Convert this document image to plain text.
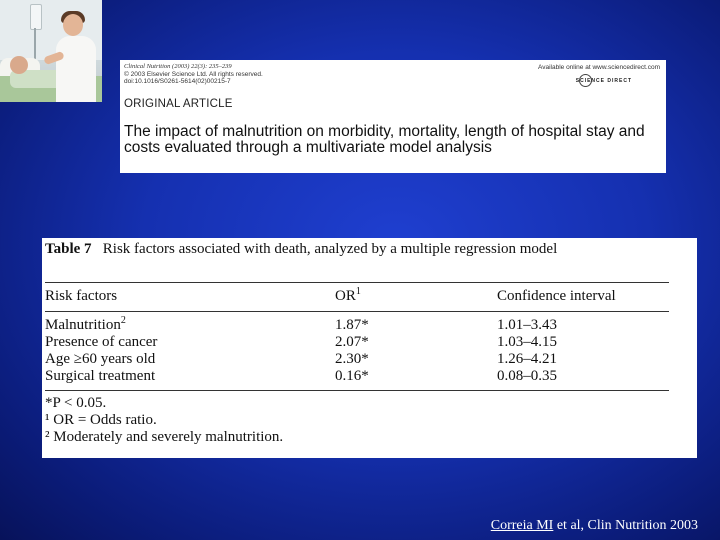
Clinical Nutrition (2003) 22(3): 235–239
© 2003 Elsevier Science Ltd. All rights reserved.
doi:10.1016/S0261-5614(02)00215-7
Available online at www.sciencedirect.com
SCIENCE DIRECT
ORIGINAL ARTICLE
The impact of malnutrition on morbidity, mortality, length of hospital stay and costs evaluated through a multivariate model analysis
Table 7 Risk factors associated with death, analyzed by a multiple regression model
Risk factors	$OR^1$	Confidence interval
Malnutrition$^2$	1.87*	1.01–3.43
Presence of cancer	2.07*	1.03–4.15
Age ≥60 years old	2.30*	1.26–4.21
Surgical treatment	0.16*	0.08–0.35
*P < 0.05.
¹ OR = Odds ratio.
² Moderately and severely malnutrition.
Correia MI et al, Clin Nutrition 2003
